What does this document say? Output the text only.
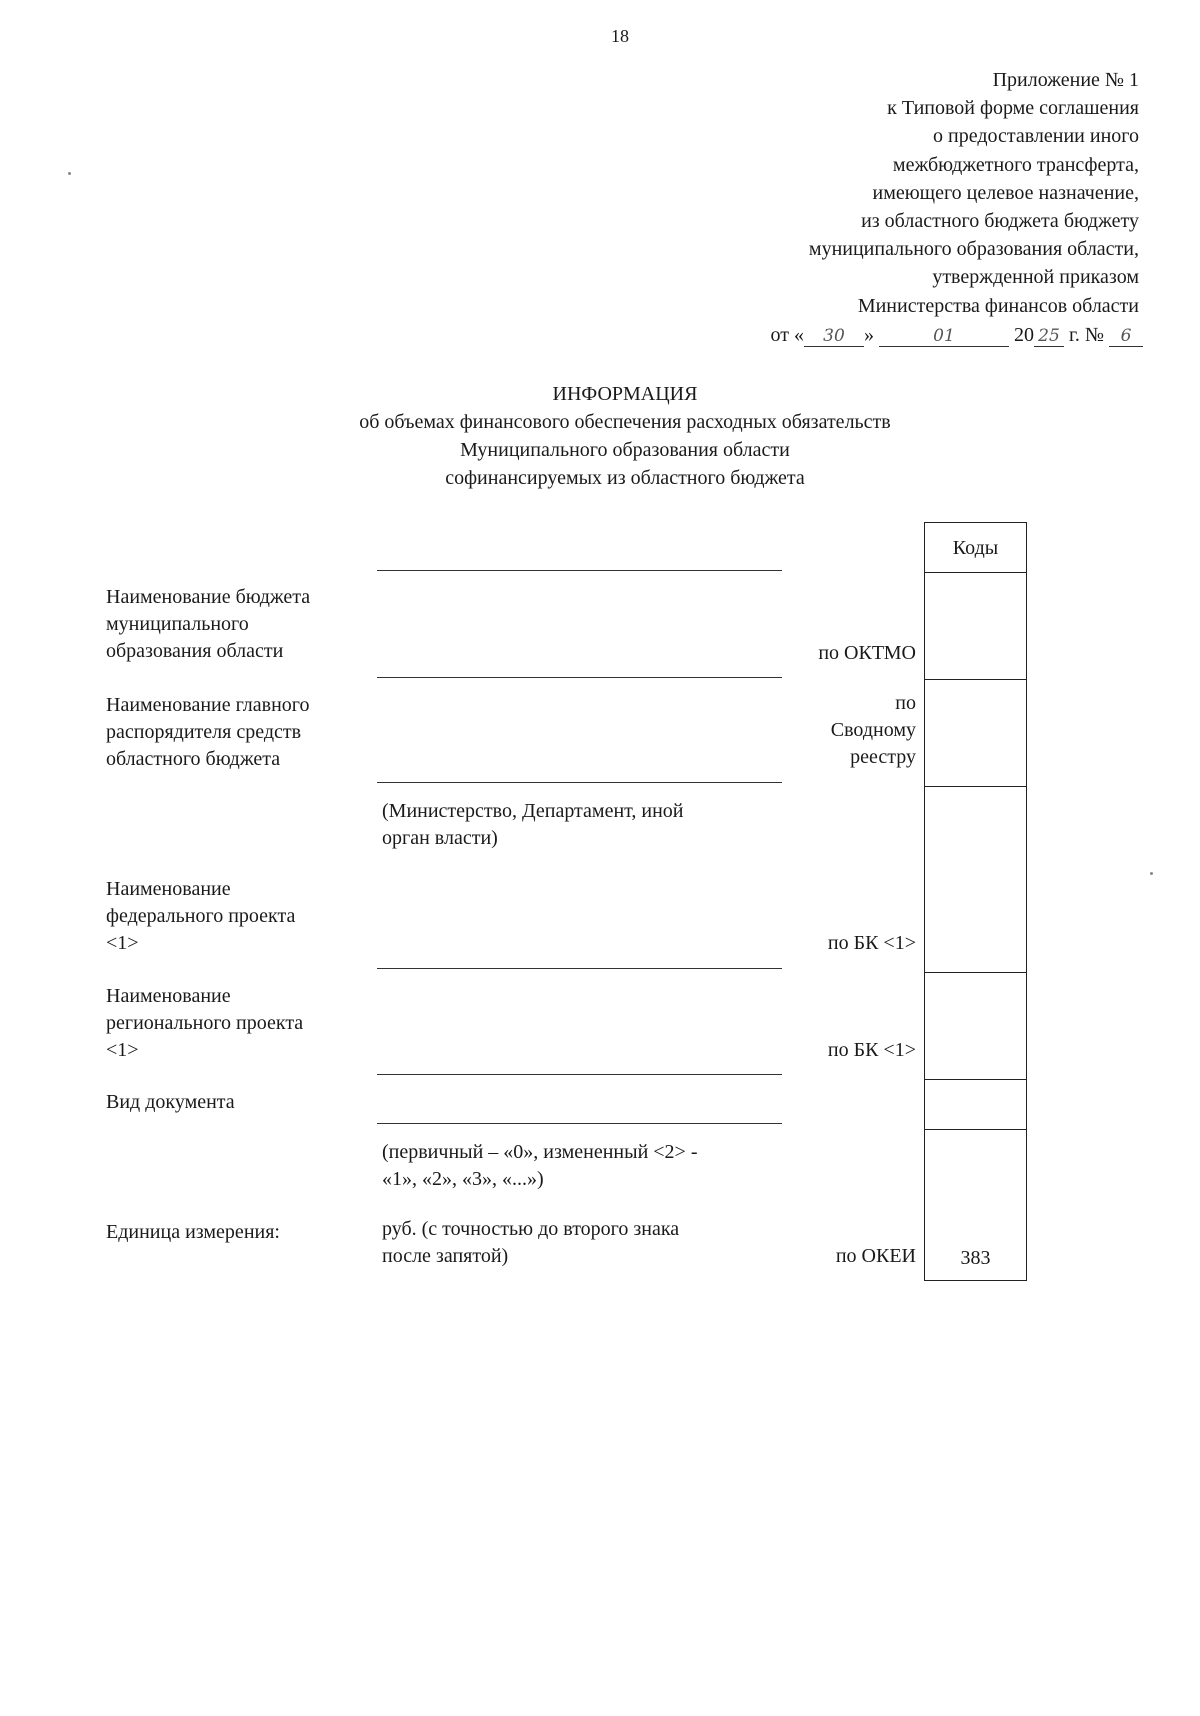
18
Приложение № 1
к Типовой форме соглашения
о предоставлении иного
межбюджетного трансферта,
имеющего целевое назначение,
из областного бюджета бюджету
муниципального образования области,
утвержденной приказом
Министерства финансов области
от « 30 »	01	20 25 г. № 6
ИНФОРМАЦИЯ
об объемах финансового обеспечения расходных обязательств
Муниципального образования области
софинансируемых из областного бюджета
Наименование бюджета
муниципального
образования области
Наименование главного
распорядителя средств
областного бюджета
Наименование
федерального проекта
<1>
Наименование
регионального проекта
<1>
Вид документа
Единица измерения:
(Министерство, Департамент, иной
орган власти)
(первичный – «0», измененный <2> -
«1», «2», «3», «...»)
руб. (с точностью до второго знака
после запятой)
по ОКТМО
по
Сводному
реестру
по БК <1>
по БК <1>
по ОКЕИ
Коды
383
